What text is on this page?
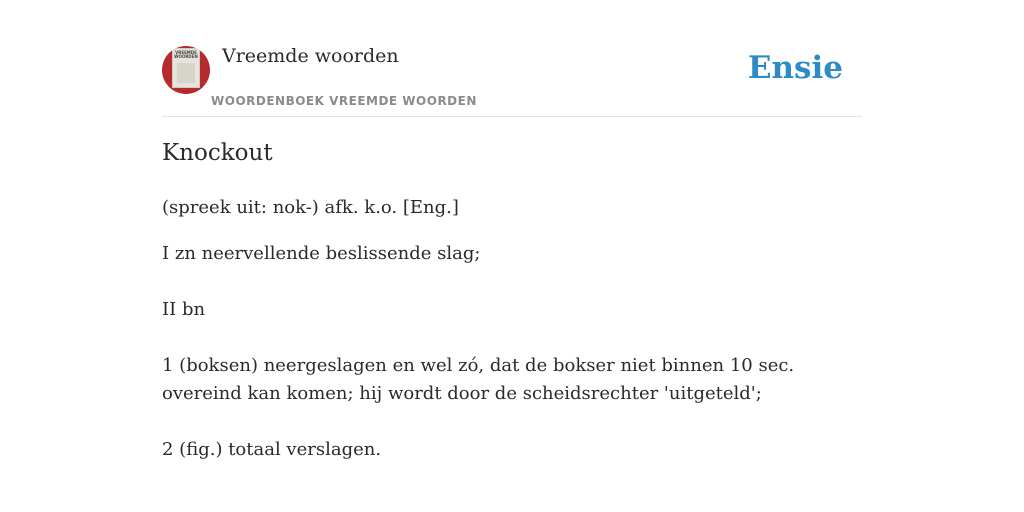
VREEMDE WOORDEN Vreemde woorden
WOORDENBOEK VREEMDE WOORDEN
Ensie
Knockout
(spreek uit: nok-) afk. k.o. [Eng.]
I zn neervellende beslissende slag;
II bn
1 (boksen) neergeslagen en wel zó, dat de bokser niet binnen 10 sec. overeind kan komen; hij wordt door de scheidsrechter 'uitgeteld';
2 (fig.) totaal verslagen.
